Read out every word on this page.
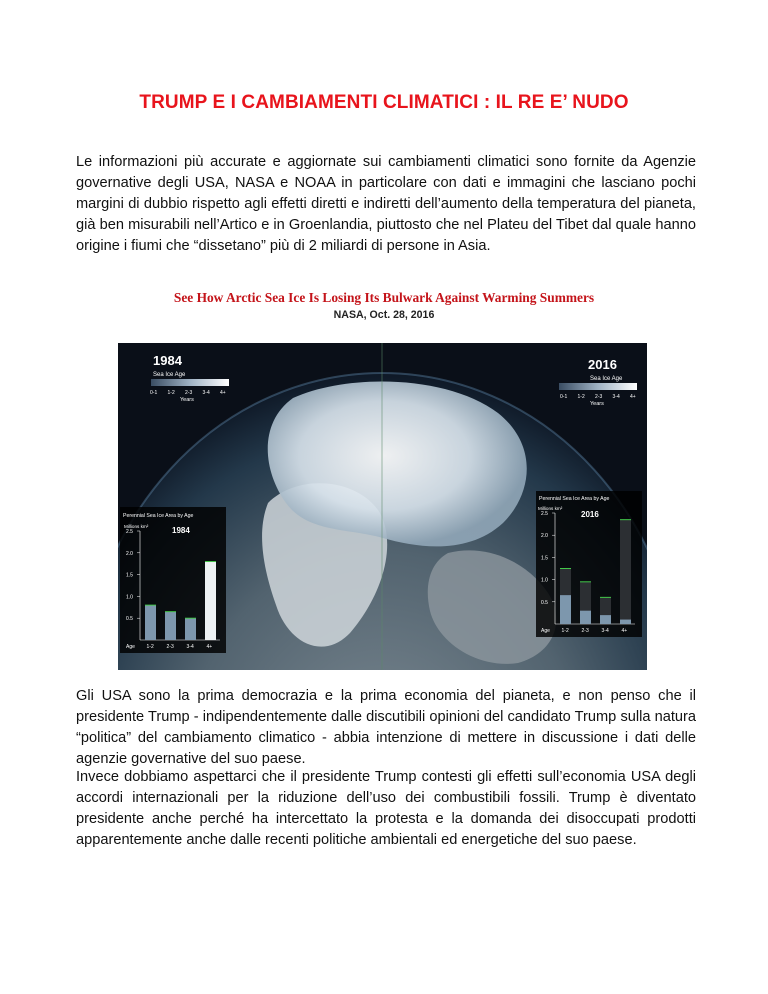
TRUMP E I CAMBIAMENTI CLIMATICI : IL RE E’ NUDO
Le informazioni più accurate e aggiornate sui cambiamenti climatici sono fornite da Agenzie governative degli USA, NASA e NOAA in particolare con dati e immagini che lasciano pochi margini di dubbio rispetto agli effetti diretti e indiretti dell’aumento della temperatura del pianeta, già ben misurabili nell’Artico e in Groenlandia, piuttosto che nel Plateu del Tibet dal quale hanno origine i fiumi che “dissetano” più di 2 miliardi di persone in Asia.
See How Arctic Sea Ice Is Losing Its Bulwark Against Warming Summers
NASA, Oct. 28, 2016
1984
Sea Ice Age
0-1 1-2 2-3 3-4 4+
Years
2016
Sea Ice Age
0-1 1-2 2-3 3-4 4+
Years
Perennial Sea Ice Area by Age
Millions km²	1984
2.5
2.0
1.5
1.0
0.5
1-2	2-3	3-4	4+
Age
Perennial Sea Ice Area by Age
Millions km²
2016
2.5
2.0
1.5
1.0
0.5
1-2	2-3	3-4	4+
Age
Gli USA sono la prima democrazia e la prima economia del pianeta, e non penso che il presidente Trump - indipendentemente dalle discutibili opinioni del candidato Trump sulla natura “politica” del cambiamento climatico - abbia intenzione di mettere in discussione i dati delle agenzie governative del suo paese.
Invece dobbiamo aspettarci che il presidente Trump contesti gli effetti sull’economia USA degli accordi internazionali per la riduzione dell’uso dei combustibili fossili. Trump è diventato presidente anche perché ha intercettato la protesta e la domanda dei disoccupati prodotti apparentemente anche dalle recenti politiche ambientali ed energetiche del suo paese.
